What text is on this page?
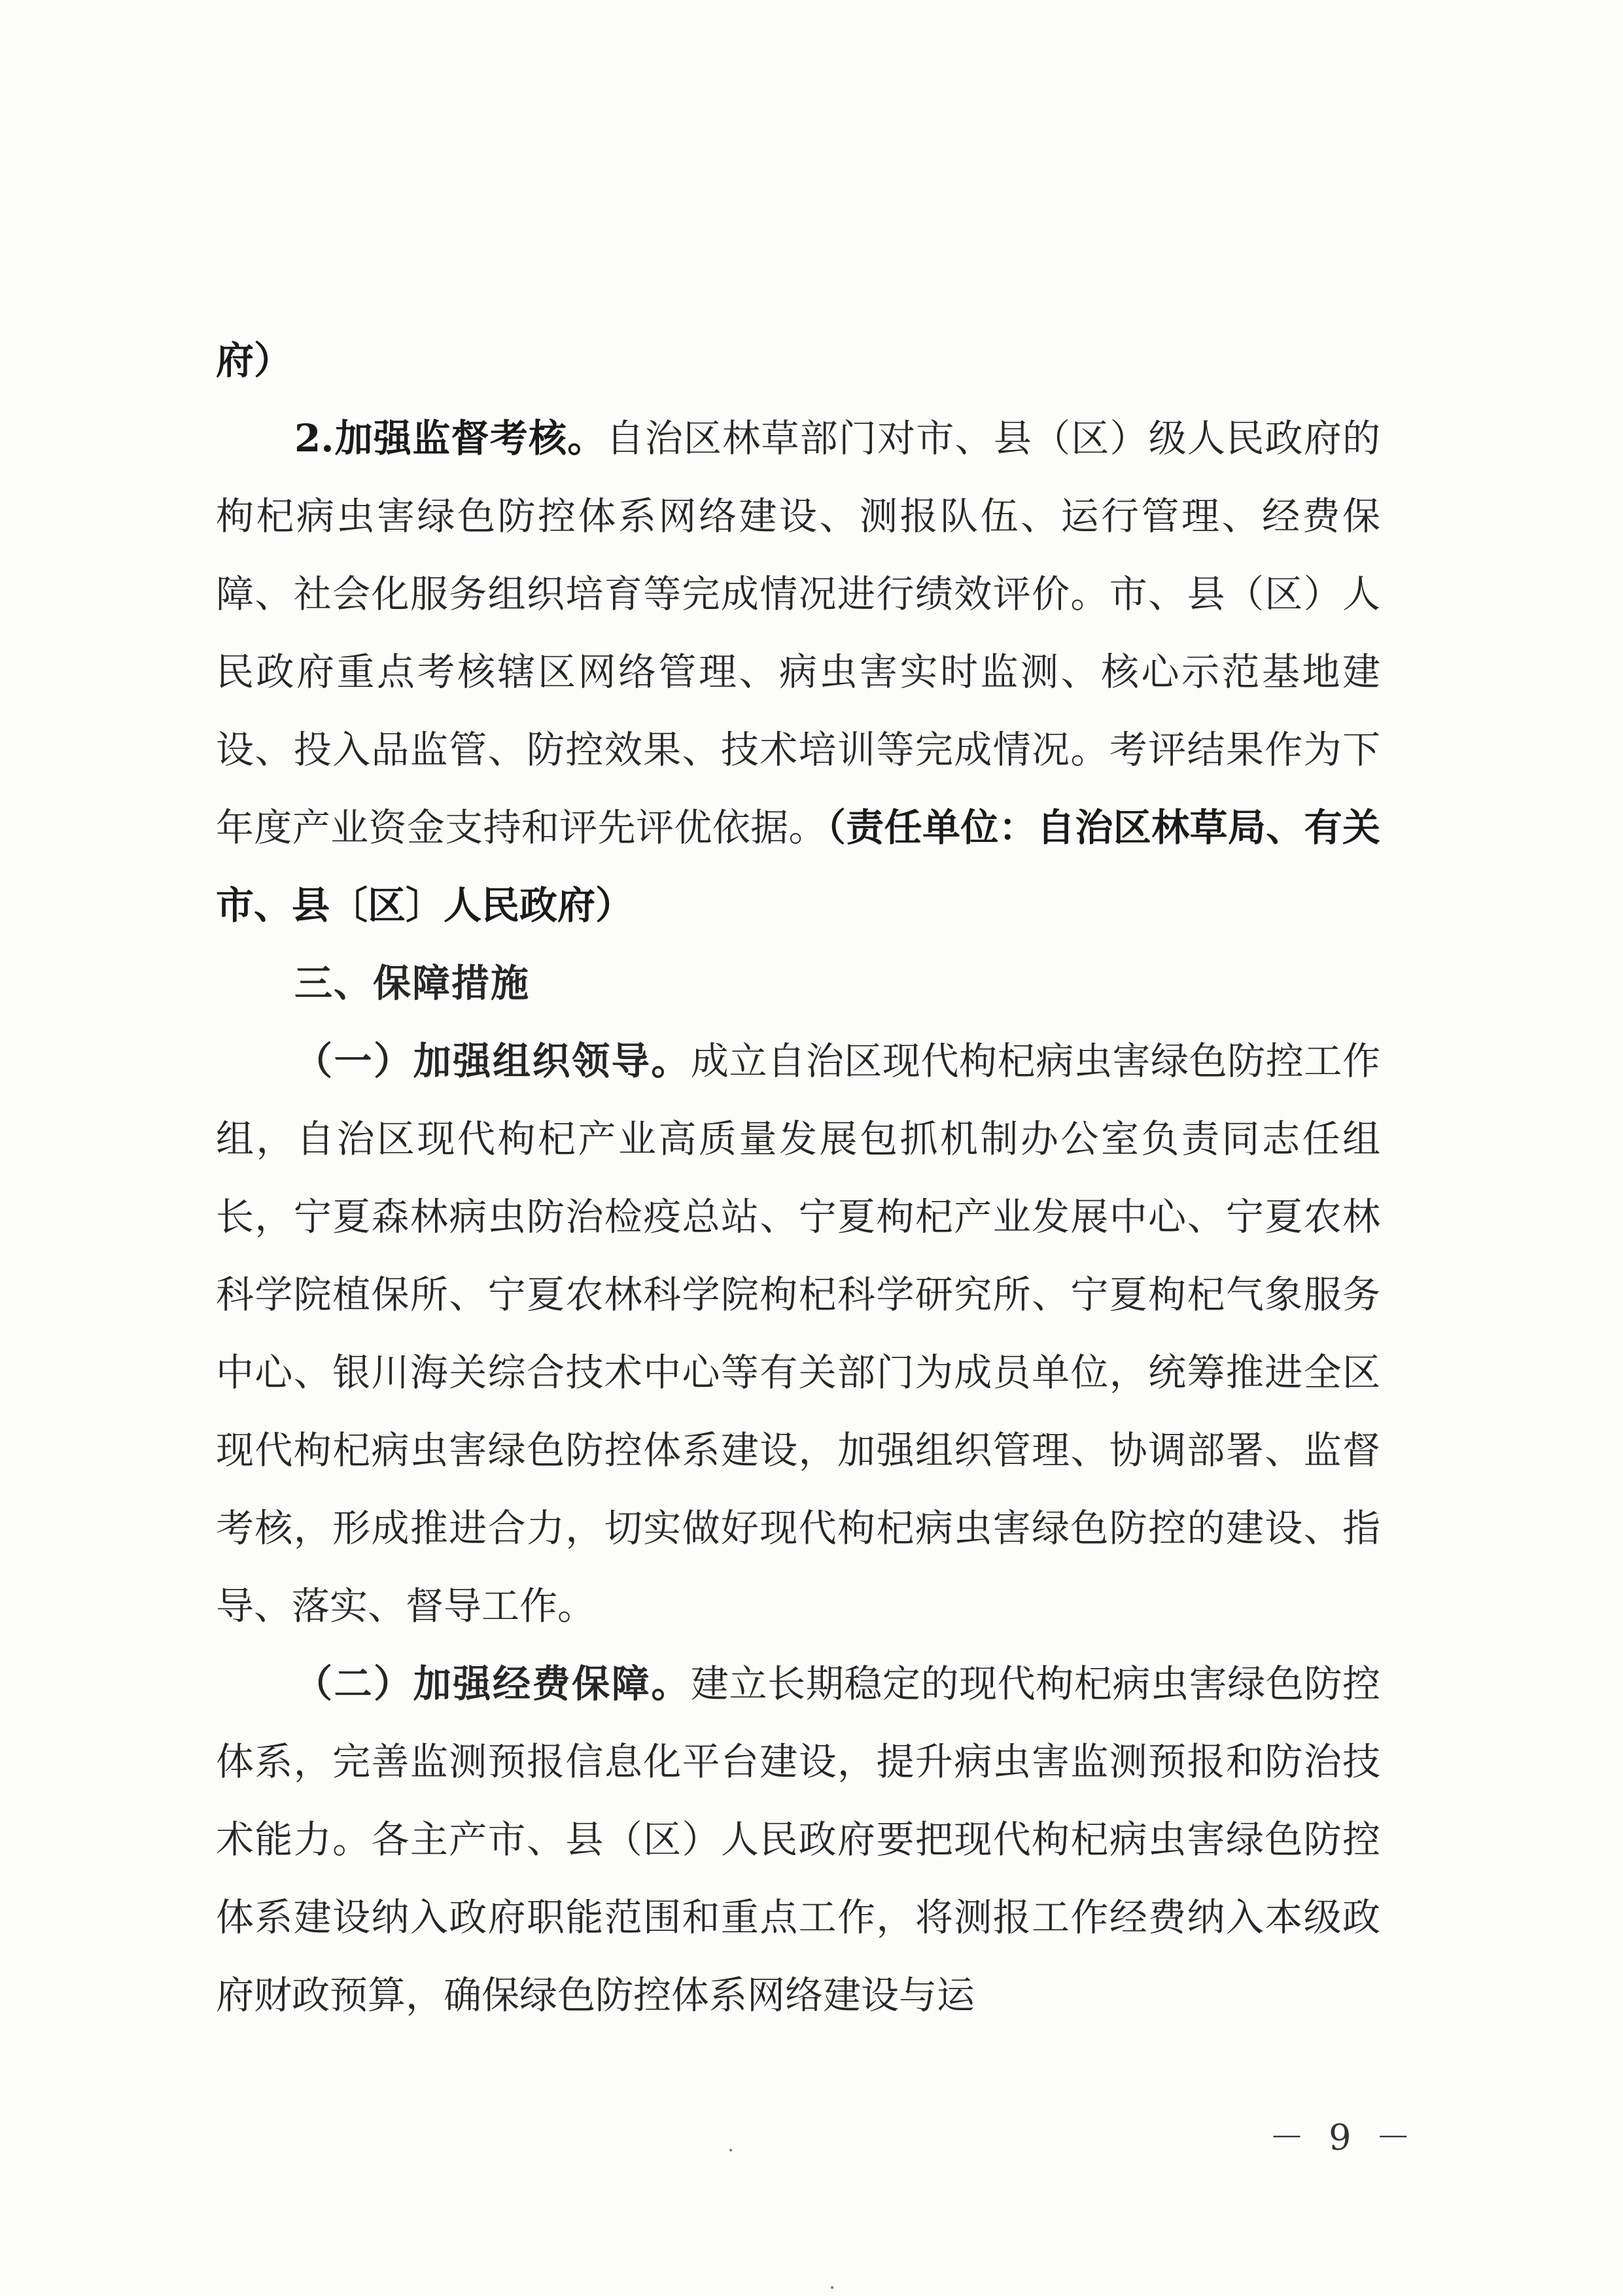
府）

2.加强监督考核。自治区林草部门对市、县（区）级人民政府的枸杞病虫害绿色防控体系网络建设、测报队伍、运行管理、经费保障、社会化服务组织培育等完成情况进行绩效评价。市、县（区）人民政府重点考核辖区网络管理、病虫害实时监测、核心示范基地建设、投入品监管、防控效果、技术培训等完成情况。考评结果作为下年度产业资金支持和评先评优依据。（责任单位：自治区林草局、有关市、县〔区〕人民政府）

三、保障措施

（一）加强组织领导。成立自治区现代枸杞病虫害绿色防控工作组，自治区现代枸杞产业高质量发展包抓机制办公室负责同志任组长，宁夏森林病虫防治检疫总站、宁夏枸杞产业发展中心、宁夏农林科学院植保所、宁夏农林科学院枸杞科学研究所、宁夏枸杞气象服务中心、银川海关综合技术中心等有关部门为成员单位，统筹推进全区现代枸杞病虫害绿色防控体系建设，加强组织管理、协调部署、监督考核，形成推进合力，切实做好现代枸杞病虫害绿色防控的建设、指导、落实、督导工作。

（二）加强经费保障。建立长期稳定的现代枸杞病虫害绿色防控体系，完善监测预报信息化平台建设，提升病虫害监测预报和防治技术能力。各主产市、县（区）人民政府要把现代枸杞病虫害绿色防控体系建设纳入政府职能范围和重点工作，将测报工作经费纳入本级政府财政预算，确保绿色防控体系网络建设与运

－ 9 －
